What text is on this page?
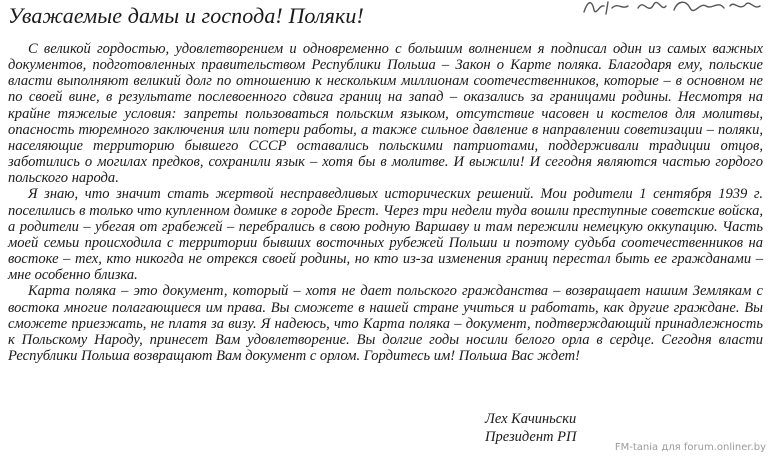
Уважаемые дамы и господа! Поляки!

С великой гордостью, удовлетворением и одновременно с большим волнением я подписал один из самых важных документов, подготовленных правительством Республики Польша – Закон о Карте поляка. Благодаря ему, польские власти выполняют великий долг по отношению к нескольким миллионам соотечественников, которые – в основном не по своей вине, в результате послевоенного сдвига границ на запад – оказались за границами родины. Несмотря на крайне тяжелые условия: запреты пользоваться польским языком, отсутствие часовен и костелов для молитвы, опасность тюремного заключения или потери работы, а также сильное давление в направлении советизации – поляки, населяющие территорию бывшего СССР оставались польскими патриотами, поддерживали традиции отцов, заботились о могилах предков, сохранили язык – хотя бы в молитве. И выжили! И сегодня являются частью гордого польского народа.

Я знаю, что значит стать жертвой несправедливых исторических решений. Мои родители 1 сентября 1939 г. поселились в только что купленном домике в городе Брест. Через три недели туда вошли преступные советские войска, а родители – убегая от грабежей – перебрались в свою родную Варшаву и там пережили немецкую оккупацию. Часть моей семьи происходила с территории бывших восточных рубежей Польши и поэтому судьба соотечественников на востоке – тех, кто никогда не отрекся своей родины, но кто из-за изменения границ перестал быть ее гражданами – мне особенно близка.

Карта поляка – это документ, который – хотя не дает польского гражданства – возвращает нашим Землякам с востока многие полагающиеся им права. Вы сможете в нашей стране учиться и работать, как другие граждане. Вы сможете приезжать, не платя за визу. Я надеюсь, что Карта поляка – документ, подтверждающий принадлежность к Польскому Народу, принесет Вам удовлетворение. Вы долгие годы носили белого орла в сердце. Сегодня власти Республики Польша возвращают Вам документ с орлом. Гордитесь им! Польша Вас ждет!

Лех Качиньски
Президент РП
FM-tania для forum.onliner.by
